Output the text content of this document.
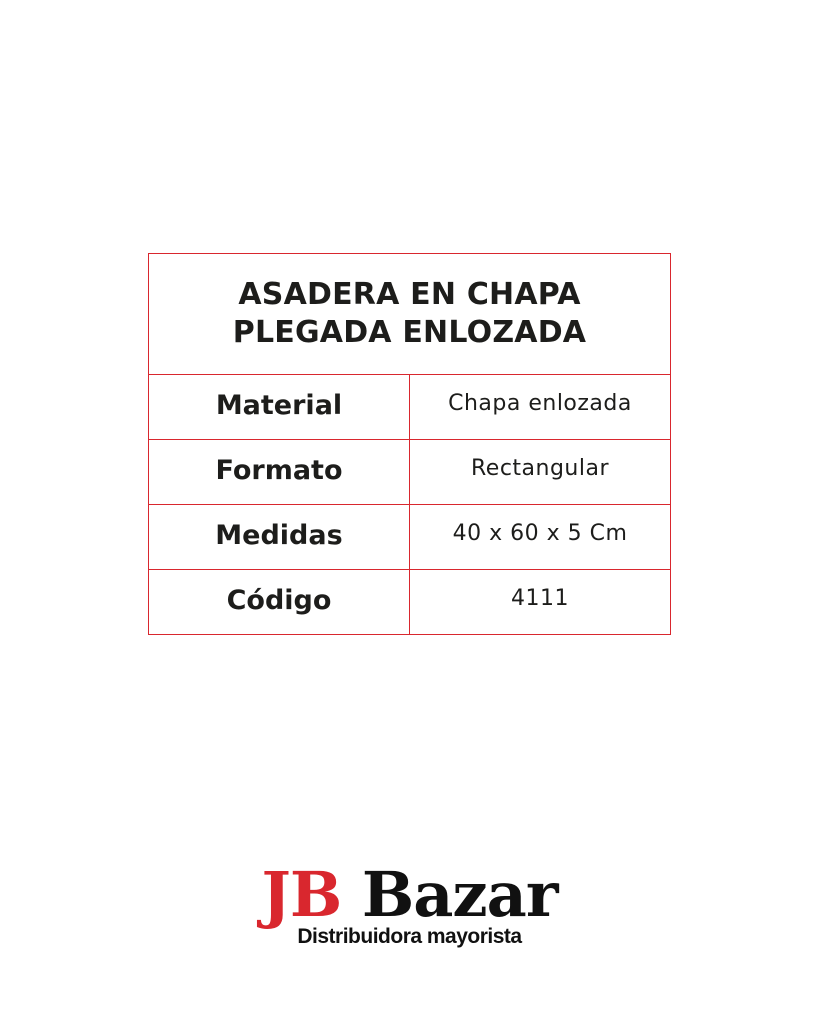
ASADERA EN CHAPA
PLEGADA ENLOZADA	

Material	Chapa enlozada
Formato	Rectangular
Medidas	40 x 60 x 5 Cm
Código	4111
JB Bazar
Distribuidora mayorista
